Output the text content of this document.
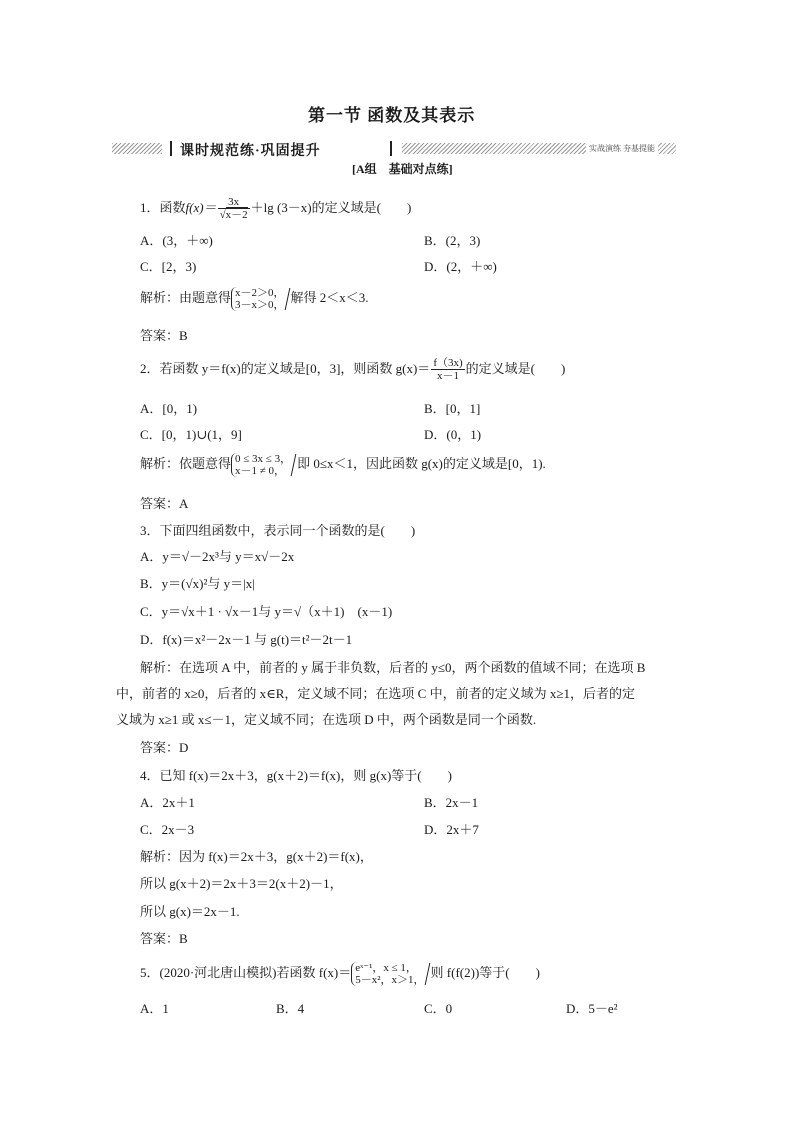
第一节 函数及其表示
课时规范练·巩固提升	实战演练 夯基提能
[A组　基础对点练]
1．函数$f(x)= \frac{3x}{√x-2} +\lg$ (3－x)的定义域是(　　)
A．(3，＋∞)	B．(2，3)
C．[2，3)	D．(2，＋∞)
解析：由题意得 x－2＞0，
3－x＞0，
解得 2＜x＜3.
答案：B
2．若函数 y＝f(x)的定义域是[0，3]，则函数 $g(x)= \frac{f(3x)}{x-1}$ 的定义域是(　　)
A．[0，1)	B．[0，1]
C．[0，1)∪(1，9]	D．(0，1)
解析：依题意得 0 ≤ 3x ≤ 3，
x－1 ≠ 0，
即 0≤x＜1，因此函数 g(x)的定义域是[0，1).
答案：A
3．下面四组函数中，表示同一个函数的是(　　)
A．y＝√－2x³与 y＝x√－2x
B．y＝(√x)²与 y＝|x|
C．y＝√x＋1 · √x－1与 y＝√（x＋1)　(x－1)
D．f(x)＝x²－2x－1 与 g(t)＝t²－2t－1
解析：在选项 A 中，前者的 y 属于非负数，后者的 y≤0，两个函数的值域不同；在选项 B
中，前者的 x≥0，后者的 x∈R，定义域不同；在选项 C 中，前者的定义域为 x≥1，后者的定
义域为 x≥1 或 x≤－1，定义域不同；在选项 D 中，两个函数是同一个函数.
答案：D
4．已知 f(x)＝2x＋3，g(x＋2)＝f(x)，则 g(x)等于(　　)
A．2x＋1	B．2x－1
C．2x－3	D．2x＋7
解析：因为 f(x)＝2x＋3，g(x＋2)＝f(x)，
所以 g(x＋2)＝2x＋3＝2(x＋2)－1，
所以 g(x)＝2x－1.
答案：B
5．(2020·河北唐山模拟)若函数 f(x)＝ eˣ⁻¹，x ≤ 1，
5－x²，x＞1，
则 f(f(2))等于(　　)
A．1	B．4	C．0	D．5－e²
